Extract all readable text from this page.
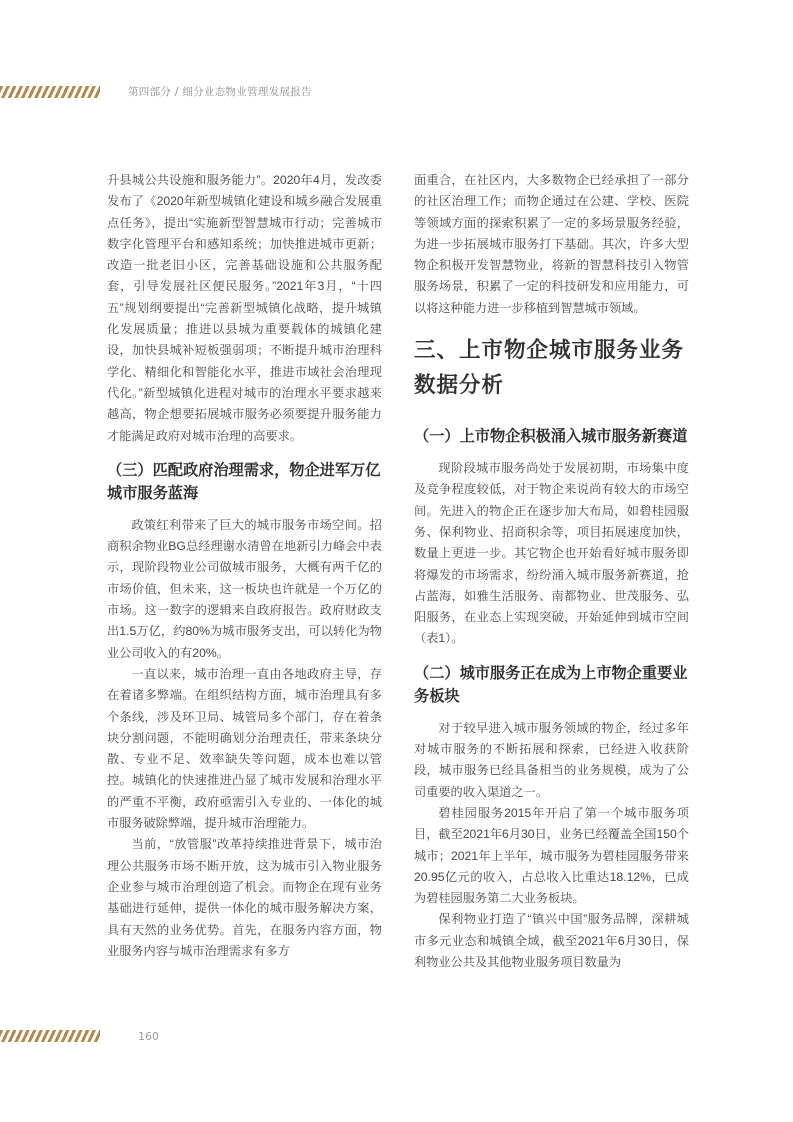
第四部分 / 细分业态物业管理发展报告

升县城公共设施和服务能力”。2020年4月，发改委发布了《2020年新型城镇化建设和城乡融合发展重点任务》，提出“实施新型智慧城市行动；完善城市数字化管理平台和感知系统；加快推进城市更新；改造一批老旧小区，完善基础设施和公共服务配套，引导发展社区便民服务。”2021年3月，“十四五”规划纲要提出“完善新型城镇化战略，提升城镇化发展质量；推进以县城为重要载体的城镇化建设，加快县城补短板强弱项；不断提升城市治理科学化、精细化和智能化水平，推进市域社会治理现代化。”新型城镇化进程对城市的治理水平要求越来越高，物企想要拓展城市服务必须要提升服务能力才能满足政府对城市治理的高要求。

（三）匹配政府治理需求，物企进军万亿城市服务蓝海

政策红利带来了巨大的城市服务市场空间。招商积余物业BG总经理谢水清曾在地新引力峰会中表示，现阶段物业公司做城市服务，大概有两千亿的市场价值，但未来，这一板块也许就是一个万亿的市场。这一数字的逻辑来自政府报告。政府财政支出1.5万亿，约80%为城市服务支出，可以转化为物业公司收入的有20%。

一直以来，城市治理一直由各地政府主导，存在着诸多弊端。在组织结构方面，城市治理具有多个条线，涉及环卫局、城管局多个部门，存在着条块分割问题，不能明确划分治理责任，带来条块分散、专业不足、效率缺失等问题，成本也难以管控。城镇化的快速推进凸显了城市发展和治理水平的严重不平衡，政府亟需引入专业的、一体化的城市服务破除弊端，提升城市治理能力。

当前，“放管服”改革持续推进背景下，城市治理公共服务市场不断开放，这为城市引入物业服务企业参与城市治理创造了机会。而物企在现有业务基础进行延伸，提供一体化的城市服务解决方案，具有天然的业务优势。首先，在服务内容方面，物业服务内容与城市治理需求有多方

面重合，在社区内，大多数物企已经承担了一部分的社区治理工作；而物企通过在公建、学校、医院等领域方面的探索积累了一定的多场景服务经验，为进一步拓展城市服务打下基础。其次，许多大型物企积极开发智慧物业，将新的智慧科技引入物管服务场景，积累了一定的科技研发和应用能力，可以将这种能力进一步移植到智慧城市领域。

三、上市物企城市服务业务数据分析
（一）上市物企积极涌入城市服务新赛道

现阶段城市服务尚处于发展初期，市场集中度及竞争程度较低，对于物企来说尚有较大的市场空间。先进入的物企正在逐步加大布局，如碧桂园服务、保利物业、招商积余等，项目拓展速度加快，数量上更进一步。其它物企也开始看好城市服务即将爆发的市场需求，纷纷涌入城市服务新赛道，抢占蓝海，如雅生活服务、南都物业、世茂服务、弘阳服务，在业态上实现突破，开始延伸到城市空间（表1）。

（二）城市服务正在成为上市物企重要业务板块

对于较早进入城市服务领域的物企，经过多年对城市服务的不断拓展和探索，已经进入收获阶段，城市服务已经具备相当的业务规模，成为了公司重要的收入渠道之一。

碧桂园服务2015年开启了第一个城市服务项目，截至2021年6月30日，业务已经覆盖全国150个城市；2021年上半年，城市服务为碧桂园服务带来20.95亿元的收入，占总收入比重达18.12%，已成为碧桂园服务第二大业务板块。

保利物业打造了“镇兴中国”服务品牌，深耕城市多元业态和城镇全域，截至2021年6月30日，保利物业公共及其他物业服务项目数量为

160
